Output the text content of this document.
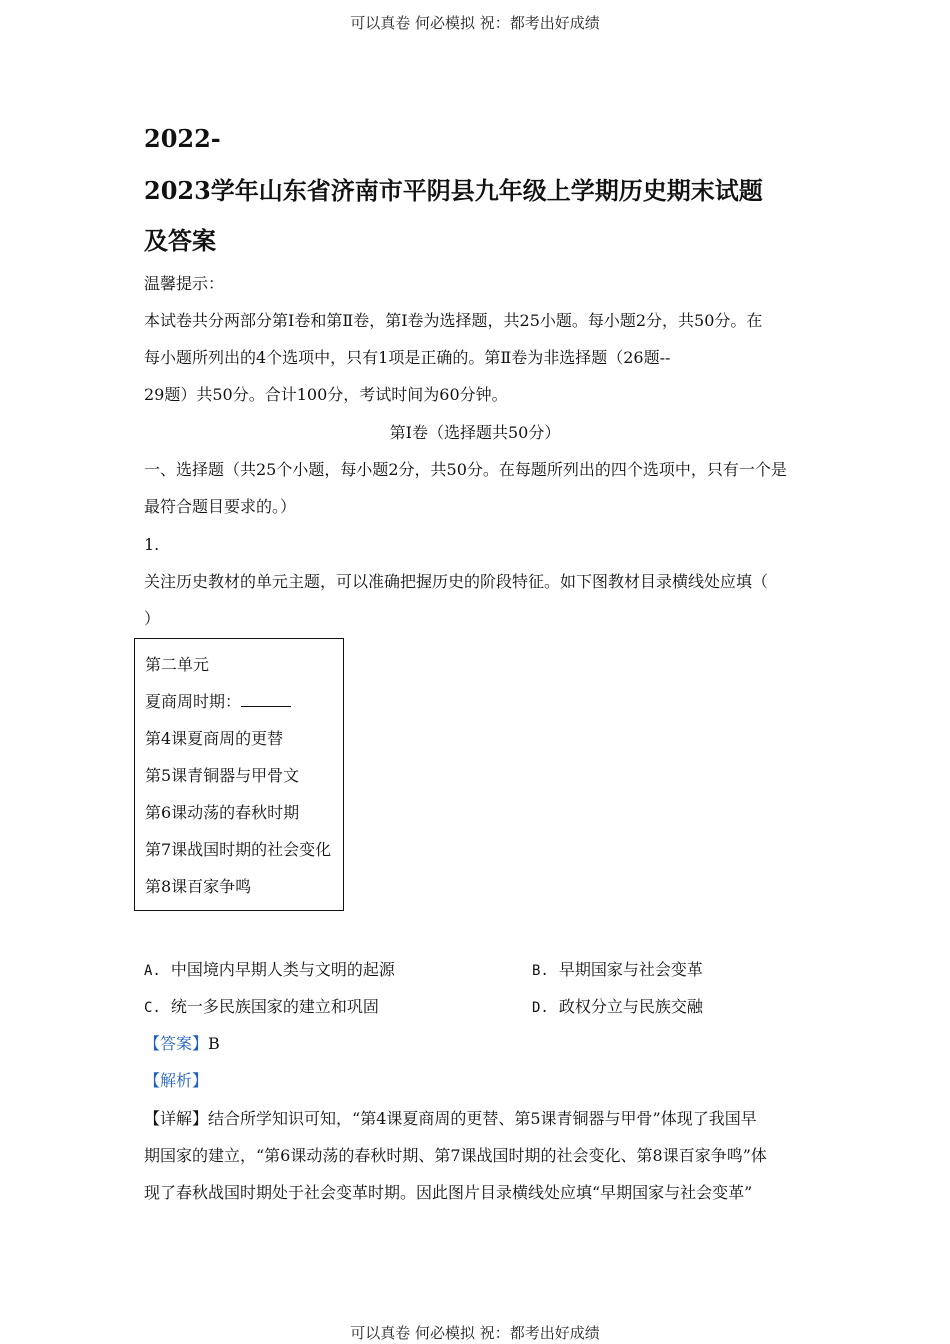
可以真卷 何必模拟 祝：都考出好成绩
2022-
2023学年山东省济南市平阴县九年级上学期历史期末试题
及答案
温馨提示：
本试卷共分两部分第Ⅰ卷和第Ⅱ卷，第Ⅰ卷为选择题，共25小题。每小题2分，共50分。在
每小题所列出的4个选项中，只有1项是正确的。第Ⅱ卷为非选择题（26题--
29题）共50分。合计100分，考试时间为60分钟。
第Ⅰ卷（选择题共50分）
一、选择题（共25个小题，每小题2分，共50分。在每题所列出的四个选项中，只有一个是
最符合题目要求的。）
1.
关注历史教材的单元主题，可以准确把握历史的阶段特征。如下图教材目录横线处应填（
）
第二单元
夏商周时期：
第4课夏商周的更替
第5课青铜器与甲骨文
第6课动荡的春秋时期
第7课战国时期的社会变化
第8课百家争鸣
A. 中国境内早期人类与文明的起源	B. 早期国家与社会变革
C. 统一多民族国家的建立和巩固	D. 政权分立与民族交融
【答案】B
【解析】
【详解】结合所学知识可知，“第4课夏商周的更替、第5课青铜器与甲骨”体现了我国早
期国家的建立，“第6课动荡的春秋时期、第7课战国时期的社会变化、第8课百家争鸣”体
现了春秋战国时期处于社会变革时期。因此图片目录横线处应填“早期国家与社会变革”
可以真卷 何必模拟 祝：都考出好成绩
